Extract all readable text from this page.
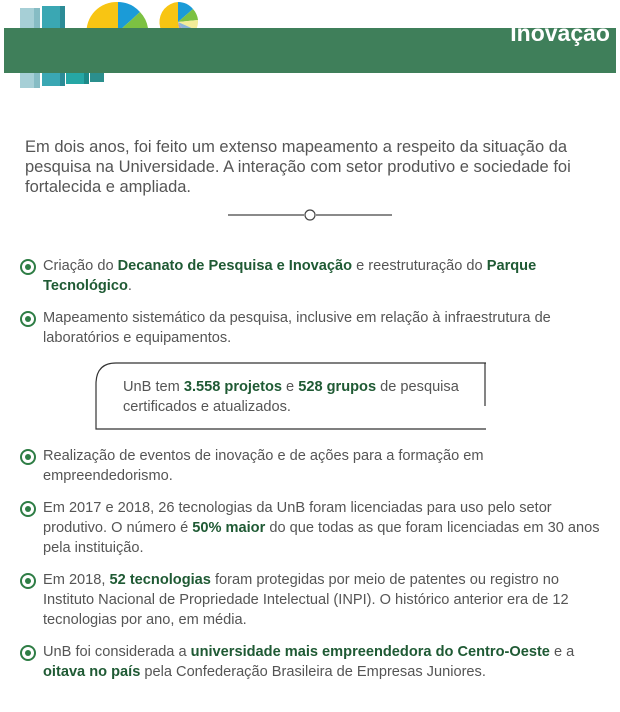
Inovação

Em dois anos, foi feito um extenso mapeamento a respeito da situação da pesquisa na Universidade. A interação com setor produtivo e sociedade foi fortalecida e ampliada.

Criação do Decanato de Pesquisa e Inovação e reestruturação do Parque Tecnológico.
Mapeamento sistemático da pesquisa, inclusive em relação à infraestrutura de laboratórios e equipamentos.
Realização de eventos de inovação e de ações para a formação em empreendedorismo.
Em 2017 e 2018, 26 tecnologias da UnB foram licenciadas para uso pelo setor produtivo. O número é 50% maior do que todas as que foram licenciadas em 30 anos pela instituição.
Em 2018, 52 tecnologias foram protegidas por meio de patentes ou registro no Instituto Nacional de Propriedade Intelectual (INPI). O histórico anterior era de 12 tecnologias por ano, em média.
UnB foi considerada a universidade mais empreendedora do Centro-Oeste e a oitava no país pela Confederação Brasileira de Empresas Juniores.
UnB tem 3.558 projetos e 528 grupos de pesquisa certificados e atualizados.
